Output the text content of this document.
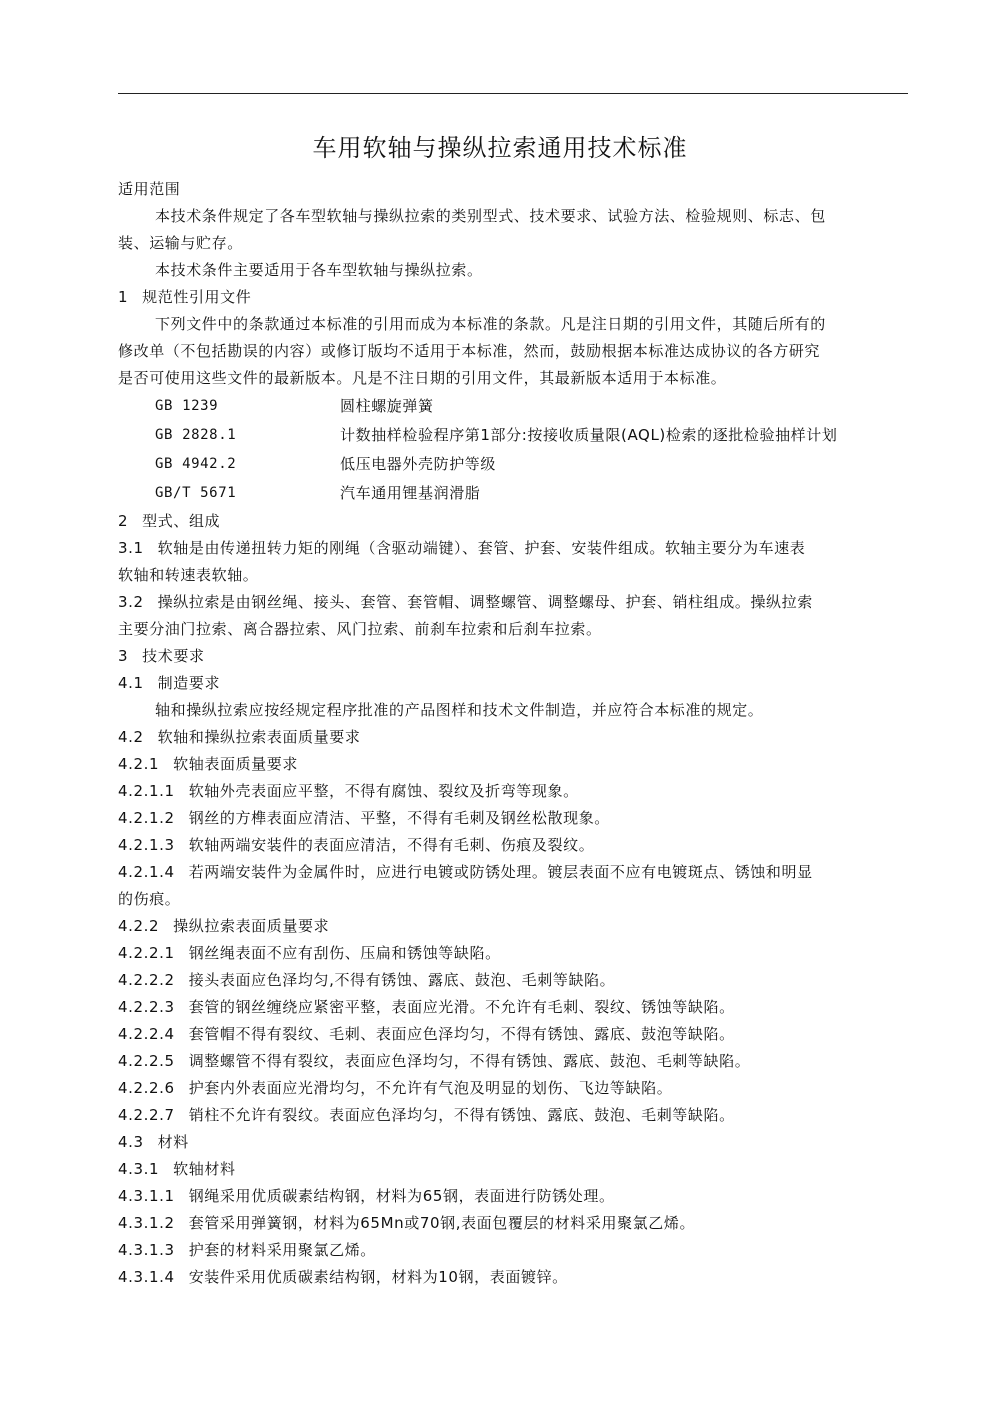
车用软轴与操纵拉索通用技术标准
适用范围
本技术条件规定了各车型软轴与操纵拉索的类别型式、技术要求、试验方法、检验规则、标志、包
装、运输与贮存。
本技术条件主要适用于各车型软轴与操纵拉索。
1 规范性引用文件
下列文件中的条款通过本标准的引用而成为本标准的条款。凡是注日期的引用文件，其随后所有的
修改单（不包括勘误的内容）或修订版均不适用于本标准，然而，鼓励根据本标准达成协议的各方研究
是否可使用这些文件的最新版本。凡是不注日期的引用文件，其最新版本适用于本标准。
GB 1239	圆柱螺旋弹簧
GB 2828.1	计数抽样检验程序第1部分:按接收质量限(AQL)检索的逐批检验抽样计划
GB 4942.2	低压电器外壳防护等级
GB/T 5671	汽车通用锂基润滑脂
2 型式、组成
3.1 软轴是由传递扭转力矩的刚绳（含驱动端键）、套管、护套、安装件组成。软轴主要分为车速表
软轴和转速表软轴。
3.2 操纵拉索是由钢丝绳、接头、套管、套管帽、调整螺管、调整螺母、护套、销柱组成。操纵拉索
主要分油门拉索、离合器拉索、风门拉索、前刹车拉索和后刹车拉索。
3 技术要求
4.1 制造要求
轴和操纵拉索应按经规定程序批准的产品图样和技术文件制造，并应符合本标准的规定。
4.2 软轴和操纵拉索表面质量要求
4.2.1 软轴表面质量要求
4.2.1.1 软轴外壳表面应平整，不得有腐蚀、裂纹及折弯等现象。
4.2.1.2 钢丝的方榫表面应清洁、平整，不得有毛刺及钢丝松散现象。
4.2.1.3 软轴两端安装件的表面应清洁，不得有毛刺、伤痕及裂纹。
4.2.1.4 若两端安装件为金属件时，应进行电镀或防锈处理。镀层表面不应有电镀斑点、锈蚀和明显
的伤痕。
4.2.2 操纵拉索表面质量要求
4.2.2.1 钢丝绳表面不应有刮伤、压扁和锈蚀等缺陷。
4.2.2.2 接头表面应色泽均匀,不得有锈蚀、露底、鼓泡、毛刺等缺陷。
4.2.2.3 套管的钢丝缠绕应紧密平整，表面应光滑。不允许有毛刺、裂纹、锈蚀等缺陷。
4.2.2.4 套管帽不得有裂纹、毛刺、表面应色泽均匀，不得有锈蚀、露底、鼓泡等缺陷。
4.2.2.5 调整螺管不得有裂纹，表面应色泽均匀，不得有锈蚀、露底、鼓泡、毛刺等缺陷。
4.2.2.6 护套内外表面应光滑均匀，不允许有气泡及明显的划伤、飞边等缺陷。
4.2.2.7 销柱不允许有裂纹。表面应色泽均匀，不得有锈蚀、露底、鼓泡、毛刺等缺陷。
4.3 材料
4.3.1 软轴材料
4.3.1.1 钢绳采用优质碳素结构钢，材料为65钢，表面进行防锈处理。
4.3.1.2 套管采用弹簧钢，材料为65Mn或70钢,表面包覆层的材料采用聚氯乙烯。
4.3.1.3 护套的材料采用聚氯乙烯。
4.3.1.4 安装件采用优质碳素结构钢，材料为10钢，表面镀锌。
